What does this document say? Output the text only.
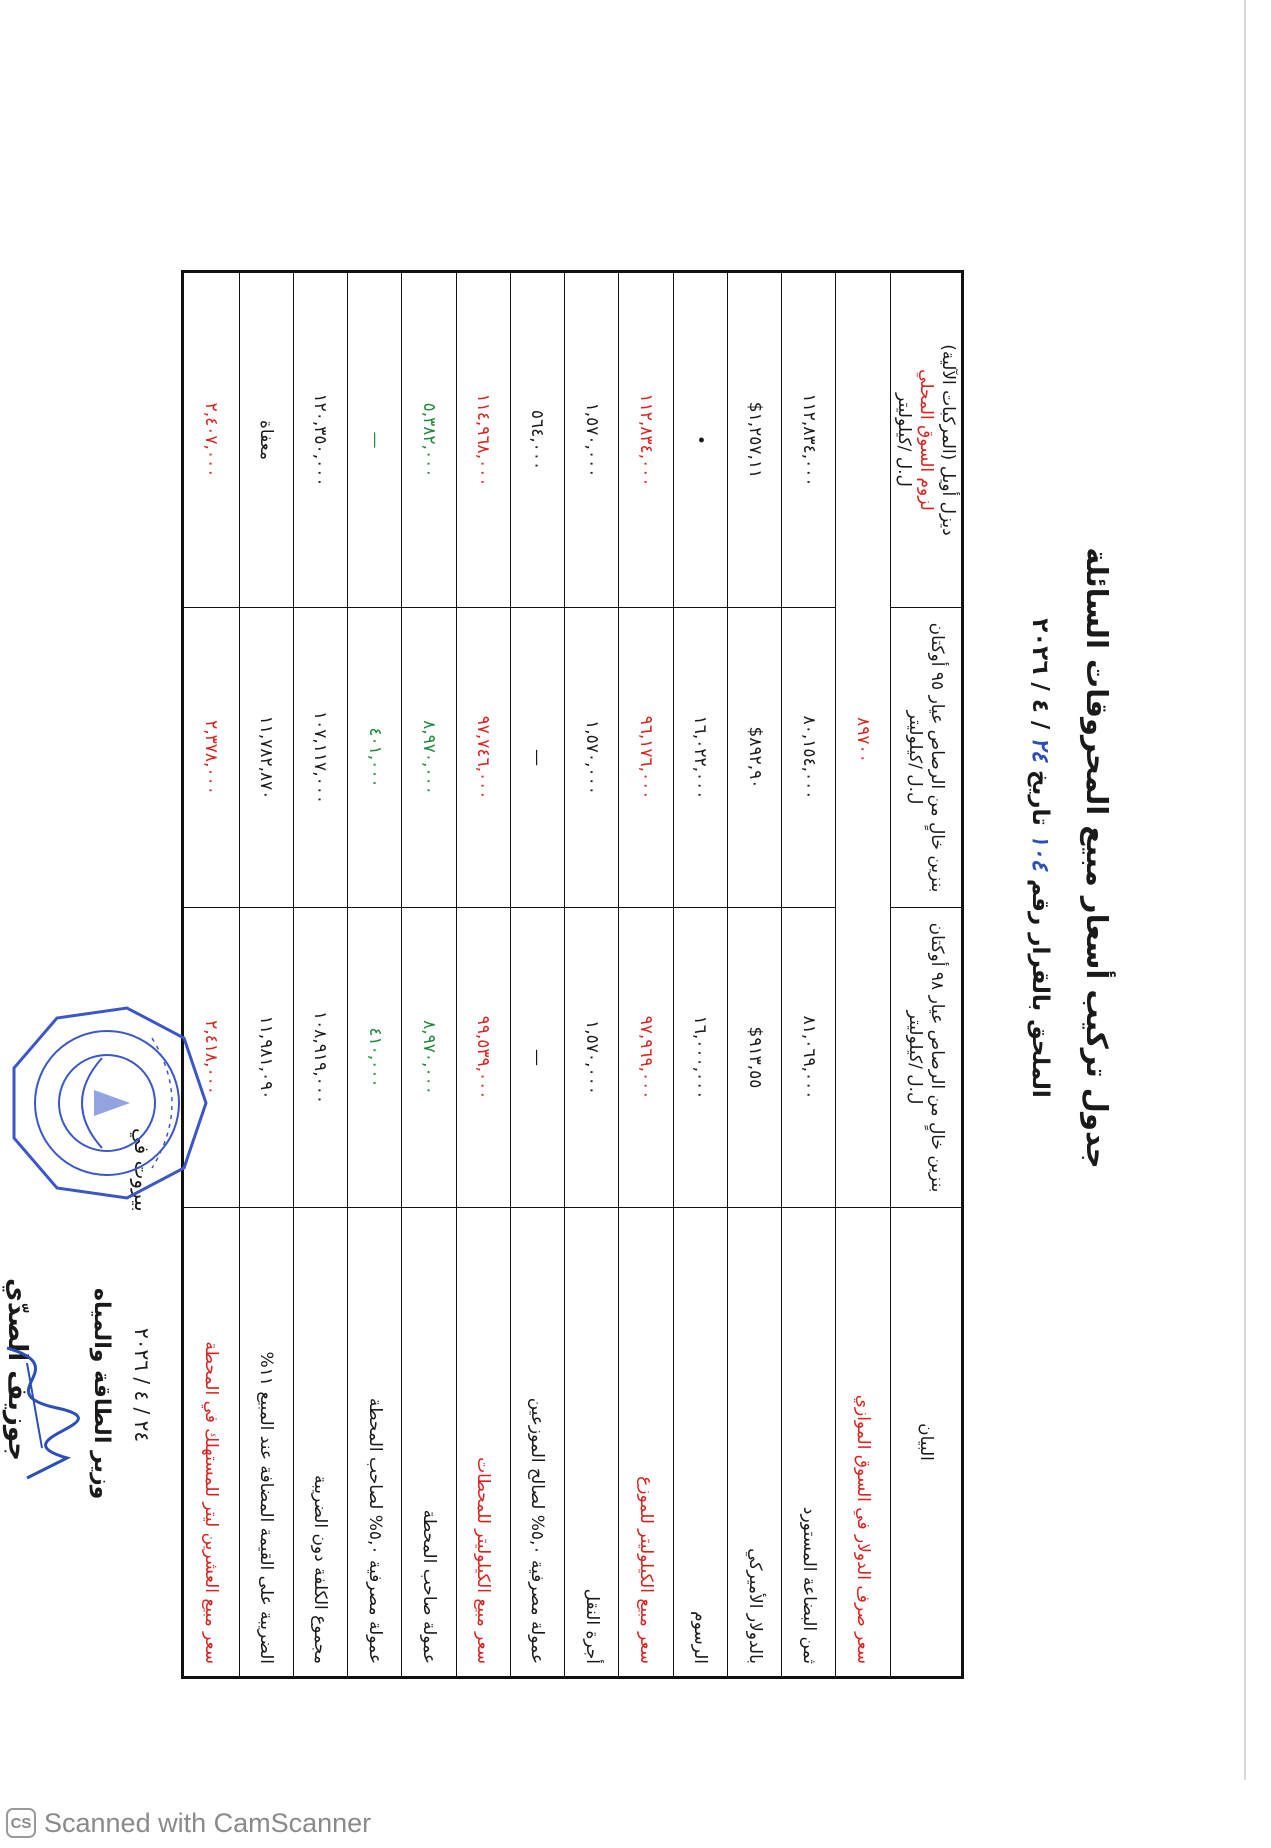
جدول تركيب أسعار مبيع المحروقات السائلة
الملحق بالقرار رقم ١٠٤ تاريخ ٢٤ / ٤ / ٢٠٢٦
البيان	بنزين خالٍ من الرصاص عيار ٩٨ أوكتان ل.ل /كيلوليتر	بنزين خالٍ من الرصاص عيار ٩٥ أوكتان ل.ل /كيلوليتر	ديزل أويل (المركبات الآلية)
لزوم السوق المحلي
ل.ل /كيلوليتر

سعر صرف الدولار في السوق الموازي	٨٩٧٠٠		
ثمن البضاعة المستورد	٨١,٠٦٩,٠٠٠	٨٠,١٥٤,٠٠٠	١١٢,٨٣٤,٠٠٠
بالدولار الأميركي	٩١٣,٥٥$	٨٩٢,٩٠$	١,٢٥٧,١١$
الرسوم	١٦,٠٠٠,٠٠٠	١٦,٠٢٢,٠٠٠	•
سعر مبيع الكيلوليتر للموزع	٩٧,٩٦٩,٠٠٠	٩٦,١٧٦,٠٠٠	١١٢,٨٣٤,٠٠٠
أجرة النقل	١,٥٧٠,٠٠٠	١,٥٧٠,٠٠٠	١,٥٧٠,٠٠٠
عمولة مصرفية ٥,٠% لصالح الموزعين	—	—	٥٦٤,٠٠٠
سعر مبيع الكيلوليتر للمحطات	٩٩,٥٣٩,٠٠٠	٩٧,٧٤٦,٠٠٠	١١٤,٩٦٨,٠٠٠
عمولة صاحب المحطة	٨,٩٧٠,٠٠٠	٨,٩٧٠,٠٠٠	٥,٣٨٢,٠٠٠
عمولة مصرفية ٥,٠% لصاحب المحطة	٤١٠,٠٠٠	٤٠١,٠٠٠	—
مجموع الكلفة دون الضريبة	١٠٨,٩١٩,٠٠٠	١٠٧,١١٧,٠٠٠	١٢٠,٣٥٠,٠٠٠
الضريبة على القيمة المضافة عند المبيع ١١%	١١,٩٨١,٠٩٠	١١,٧٨٢,٨٧٠	معفاة
سعر مبيع العشرين ليتر للمستهلك في المحطة	٢,٤١٨,٠٠٠	٢,٣٧٨,٠٠٠	٢,٤٠٧,٠٠٠
بيروت في
٢٤ / ٤ / ٢٠٢٦
وزير الطاقة والمياه
جوزيف الصدّي
CS Scanned with CamScanner
